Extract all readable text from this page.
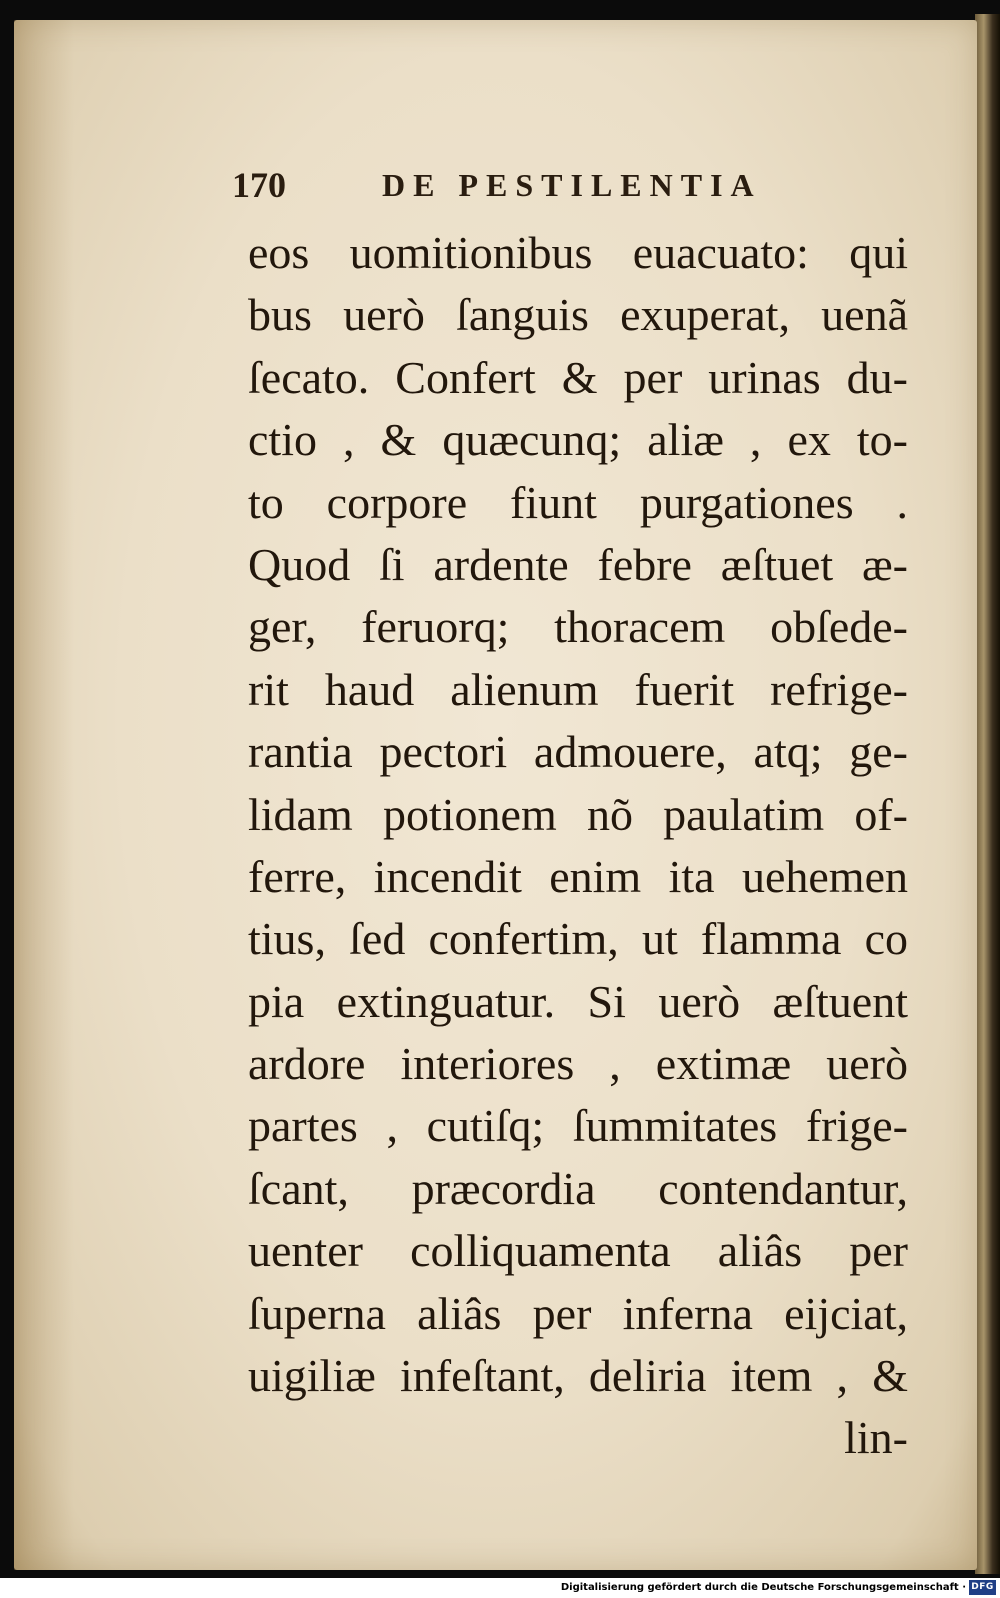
170	DE PESTILENTIA
eos uomitionibus euacuato: qui
bus uerò ſanguis exuperat, uenã
ſecato. Confert & per urinas du-
ctio , & quæcunq; aliæ , ex to-
to corpore fiunt purgationes .
Quod ſi ardente febre æſtuet æ-
ger, feruorq; thoracem obſede-
rit haud alienum fuerit refrige-
rantia pectori admouere, atq; ge-
lidam potionem nõ paulatim of-
ferre, incendit enim ita uehemen
tius, ſed confertim, ut flamma co
pia extinguatur. Si uerò æſtuent
ardore interiores , extimæ uerò
partes , cutiſq; ſummitates frige-
ſcant, præcordia contendantur,
uenter colliquamenta aliâs per
ſuperna aliâs per inferna eijciat,
uigiliæ infeſtant, deliria item , &
lin-
Digitalisierung gefördert durch die Deutsche Forschungsgemeinschaft · DFG
